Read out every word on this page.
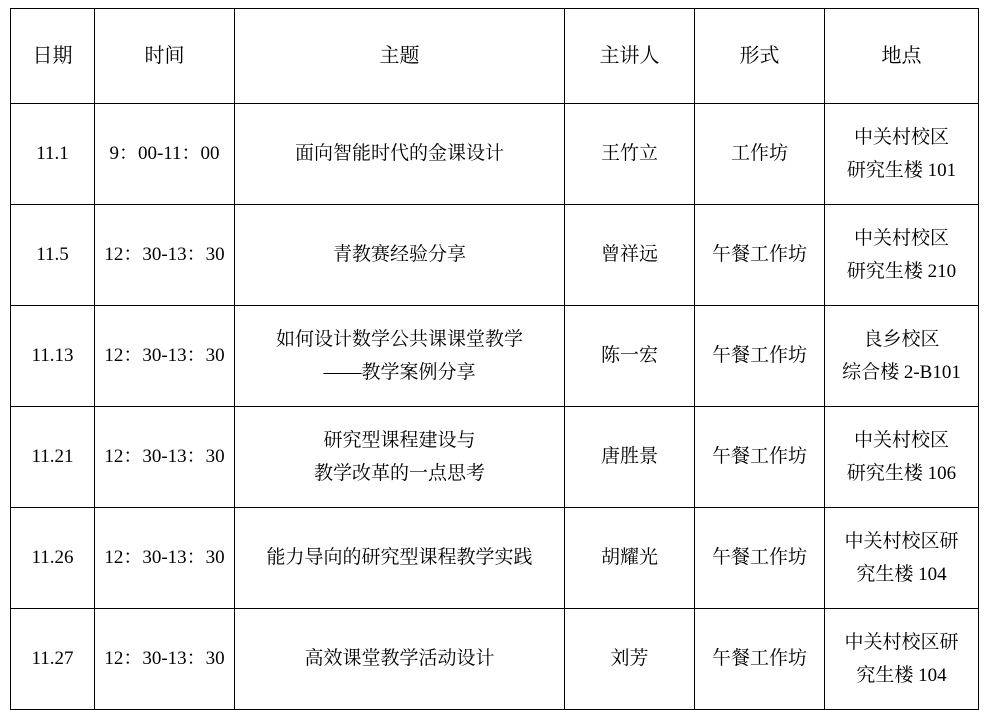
日期	时间	主题	主讲人	形式	地点
11.1	9：00-11：00	面向智能时代的金课设计	王竹立	工作坊	中关村校区
研究生楼 101

11.5	12：30-13：30	青教赛经验分享	曾祥远	午餐工作坊	中关村校区
研究生楼 210

11.13	12：30-13：30	如何设计数学公共课课堂教学
——教学案例分享	陈一宏	午餐工作坊	良乡校区
综合楼 2-B101

11.21	12：30-13：30	研究型课程建设与
教学改革的一点思考	唐胜景	午餐工作坊	中关村校区
研究生楼 106

11.26	12：30-13：30	能力导向的研究型课程教学实践	胡耀光	午餐工作坊	中关村校区研
究生楼 104

11.27	12：30-13：30	高效课堂教学活动设计	刘芳	午餐工作坊	中关村校区研
究生楼 104
